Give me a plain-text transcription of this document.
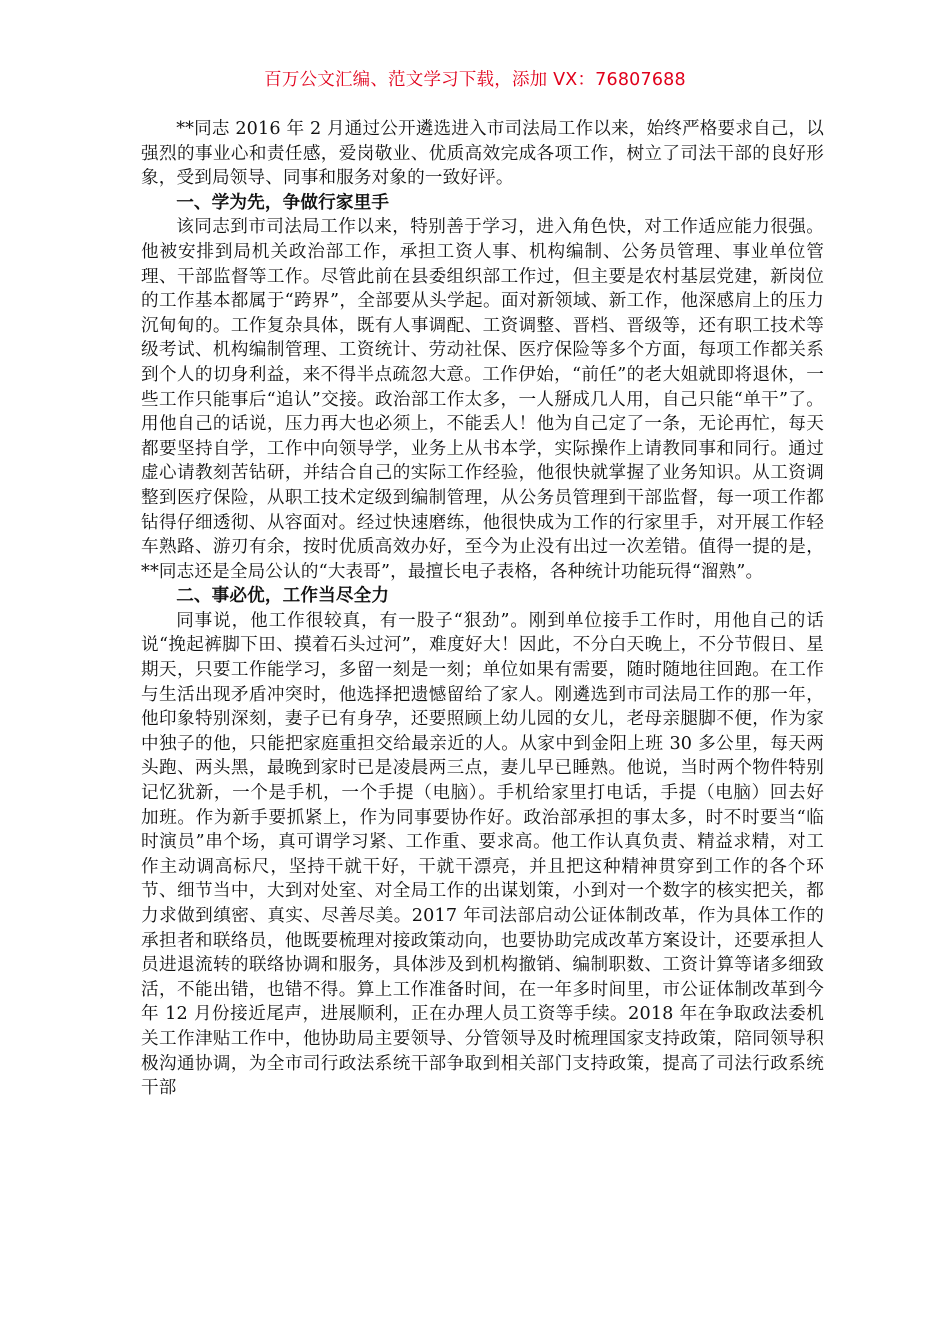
百万公文汇编、范文学习下载，添加 VX：76807688

**同志 2016 年 2 月通过公开遴选进入市司法局工作以来，始终严格要求自己，以强烈的事业心和责任感，爱岗敬业、优质高效完成各项工作，树立了司法干部的良好形象，受到局领导、同事和服务对象的一致好评。

一、学为先，争做行家里手

该同志到市司法局工作以来，特别善于学习，进入角色快，对工作适应能力很强。他被安排到局机关政治部工作，承担工资人事、机构编制、公务员管理、事业单位管理、干部监督等工作。尽管此前在县委组织部工作过，但主要是农村基层党建，新岗位的工作基本都属于“跨界”，全部要从头学起。面对新领域、新工作，他深感肩上的压力沉甸甸的。工作复杂具体，既有人事调配、工资调整、晋档、晋级等，还有职工技术等级考试、机构编制管理、工资统计、劳动社保、医疗保险等多个方面，每项工作都关系到个人的切身利益，来不得半点疏忽大意。工作伊始，“前任”的老大姐就即将退休，一些工作只能事后“追认”交接。政治部工作太多，一人掰成几人用，自己只能“单干”了。用他自己的话说，压力再大也必须上，不能丢人！他为自己定了一条，无论再忙，每天都要坚持自学，工作中向领导学，业务上从书本学，实际操作上请教同事和同行。通过虚心请教刻苦钻研，并结合自己的实际工作经验，他很快就掌握了业务知识。从工资调整到医疗保险，从职工技术定级到编制管理，从公务员管理到干部监督，每一项工作都钻得仔细透彻、从容面对。经过快速磨练，他很快成为工作的行家里手，对开展工作轻车熟路、游刃有余，按时优质高效办好，至今为止没有出过一次差错。值得一提的是，**同志还是全局公认的“大表哥”，最擅长电子表格，各种统计功能玩得“溜熟”。

二、事必优，工作当尽全力

同事说，他工作很较真，有一股子“狠劲”。刚到单位接手工作时，用他自己的话说“挽起裤脚下田、摸着石头过河”，难度好大！因此，不分白天晚上，不分节假日、星期天，只要工作能学习，多留一刻是一刻；单位如果有需要，随时随地往回跑。在工作与生活出现矛盾冲突时，他选择把遗憾留给了家人。刚遴选到市司法局工作的那一年，他印象特别深刻，妻子已有身孕，还要照顾上幼儿园的女儿，老母亲腿脚不便，作为家中独子的他，只能把家庭重担交给最亲近的人。从家中到金阳上班 30 多公里，每天两头跑、两头黑，最晚到家时已是凌晨两三点，妻儿早已睡熟。他说，当时两个物件特别记忆犹新，一个是手机，一个手提（电脑）。手机给家里打电话，手提（电脑）回去好加班。作为新手要抓紧上，作为同事要协作好。政治部承担的事太多，时不时要当“临时演员”串个场，真可谓学习紧、工作重、要求高。他工作认真负责、精益求精，对工作主动调高标尺，坚持干就干好，干就干漂亮，并且把这种精神贯穿到工作的各个环节、细节当中，大到对处室、对全局工作的出谋划策，小到对一个数字的核实把关，都力求做到缜密、真实、尽善尽美。2017 年司法部启动公证体制改革，作为具体工作的承担者和联络员，他既要梳理对接政策动向，也要协助完成改革方案设计，还要承担人员进退流转的联络协调和服务，具体涉及到机构撤销、编制职数、工资计算等诸多细致活，不能出错，也错不得。算上工作准备时间，在一年多时间里，市公证体制改革到今年 12 月份接近尾声，进展顺利，正在办理人员工资等手续。2018 年在争取政法委机关工作津贴工作中，他协助局主要领导、分管领导及时梳理国家支持政策，陪同领导积极沟通协调，为全市司行政法系统干部争取到相关部门支持政策，提高了司法行政系统干部
